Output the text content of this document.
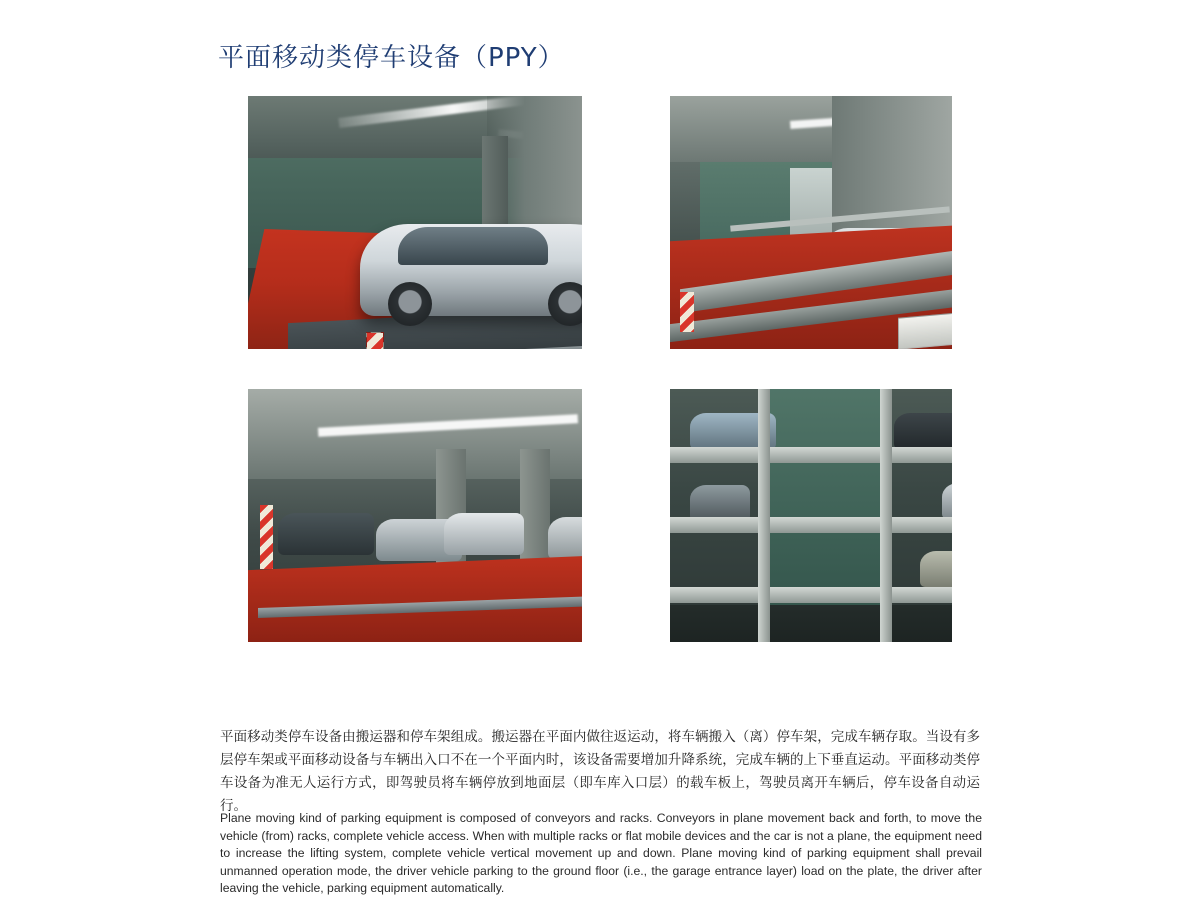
平面移动类停车设备（PPY）

平面移动类停车设备由搬运器和停车架组成。搬运器在平面内做往返运动，将车辆搬入（离）停车架，完成车辆存取。当设有多层停车架或平面移动设备与车辆出入口不在一个平面内时，该设备需要增加升降系统，完成车辆的上下垂直运动。平面移动类停车设备为准无人运行方式，即驾驶员将车辆停放到地面层（即车库入口层）的载车板上，驾驶员离开车辆后，停车设备自动运行。

Plane moving kind of parking equipment is composed of conveyors and racks. Conveyors in plane movement back and forth, to move the vehicle (from) racks, complete vehicle access. When with multiple racks or flat mobile devices and the car is not a plane, the equipment need to increase the lifting system, complete vehicle vertical movement up and down. Plane moving kind of parking equipment shall prevail unmanned operation mode, the driver vehicle parking to the ground floor (i.e., the garage entrance layer) load on the plate, the driver after leaving the vehicle, parking equipment automatically.
